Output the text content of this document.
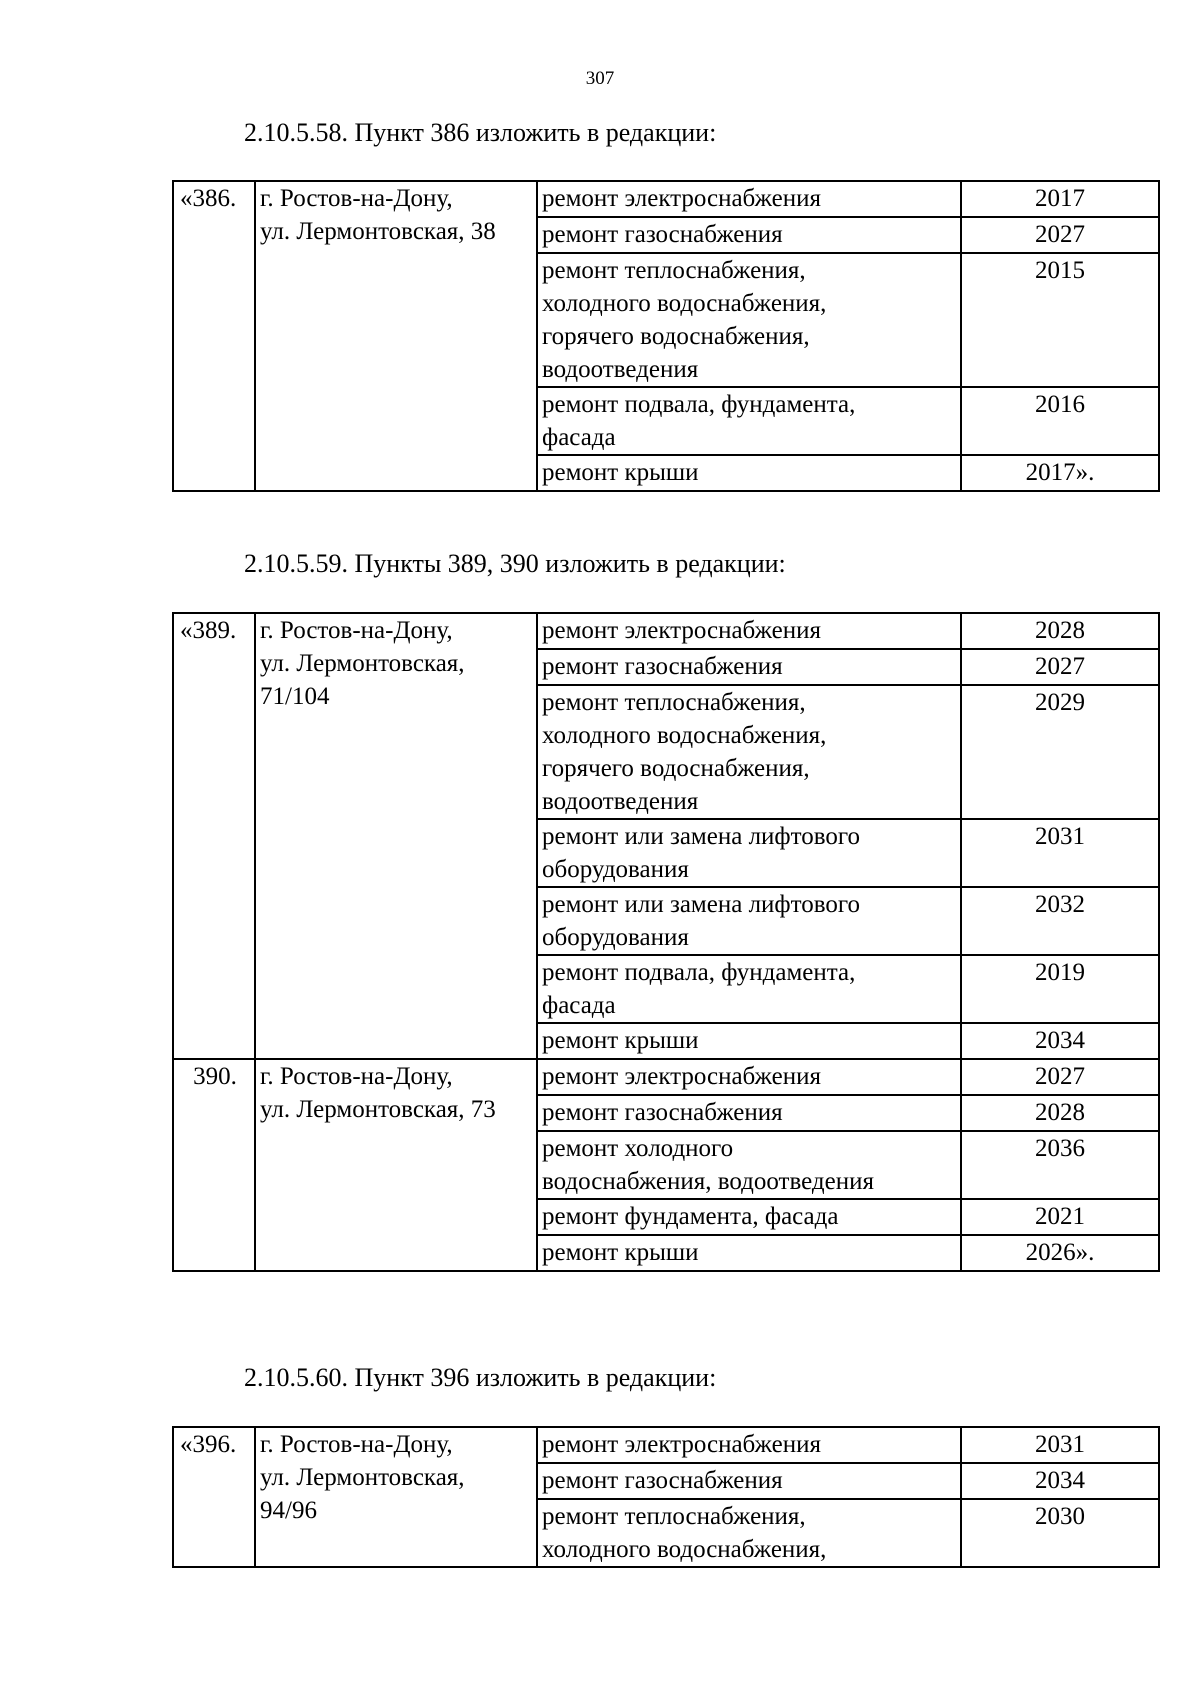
307
2.10.5.58. Пункт 386 изложить в редакции:
«386.	г. Ростов-на-Дону,
ул. Лермонтовская, 38	ремонт электроснабжения	2017

		ремонт газоснабжения	2027

		ремонт теплоснабжения,
холодного водоснабжения,
горячего водоснабжения,
водоотведения	2015

		ремонт подвала, фундамента,
фасада	2016

		ремонт крыши	2017».
2.10.5.59. Пункты 389, 390 изложить в редакции:
«389.	г. Ростов-на-Дону,
ул. Лермонтовская,
71/104	ремонт электроснабжения	2028

		ремонт газоснабжения	2027

		ремонт теплоснабжения,
холодного водоснабжения,
горячего водоснабжения,
водоотведения	2029

		ремонт или замена лифтового
оборудования	2031

		ремонт или замена лифтового
оборудования	2032

		ремонт подвала, фундамента,
фасада	2019

		ремонт крыши	2034
390.	г. Ростов-на-Дону,
ул. Лермонтовская, 73	ремонт электроснабжения	2027

		ремонт газоснабжения	2028

		ремонт холодного
водоснабжения, водоотведения	2036

		ремонт фундамента, фасада	2021

		ремонт крыши	2026».
2.10.5.60. Пункт 396 изложить в редакции:
«396.	г. Ростов-на-Дону,
ул. Лермонтовская,
94/96	ремонт электроснабжения	2031

		ремонт газоснабжения	2034

		ремонт теплоснабжения,
холодного водоснабжения,	2030
